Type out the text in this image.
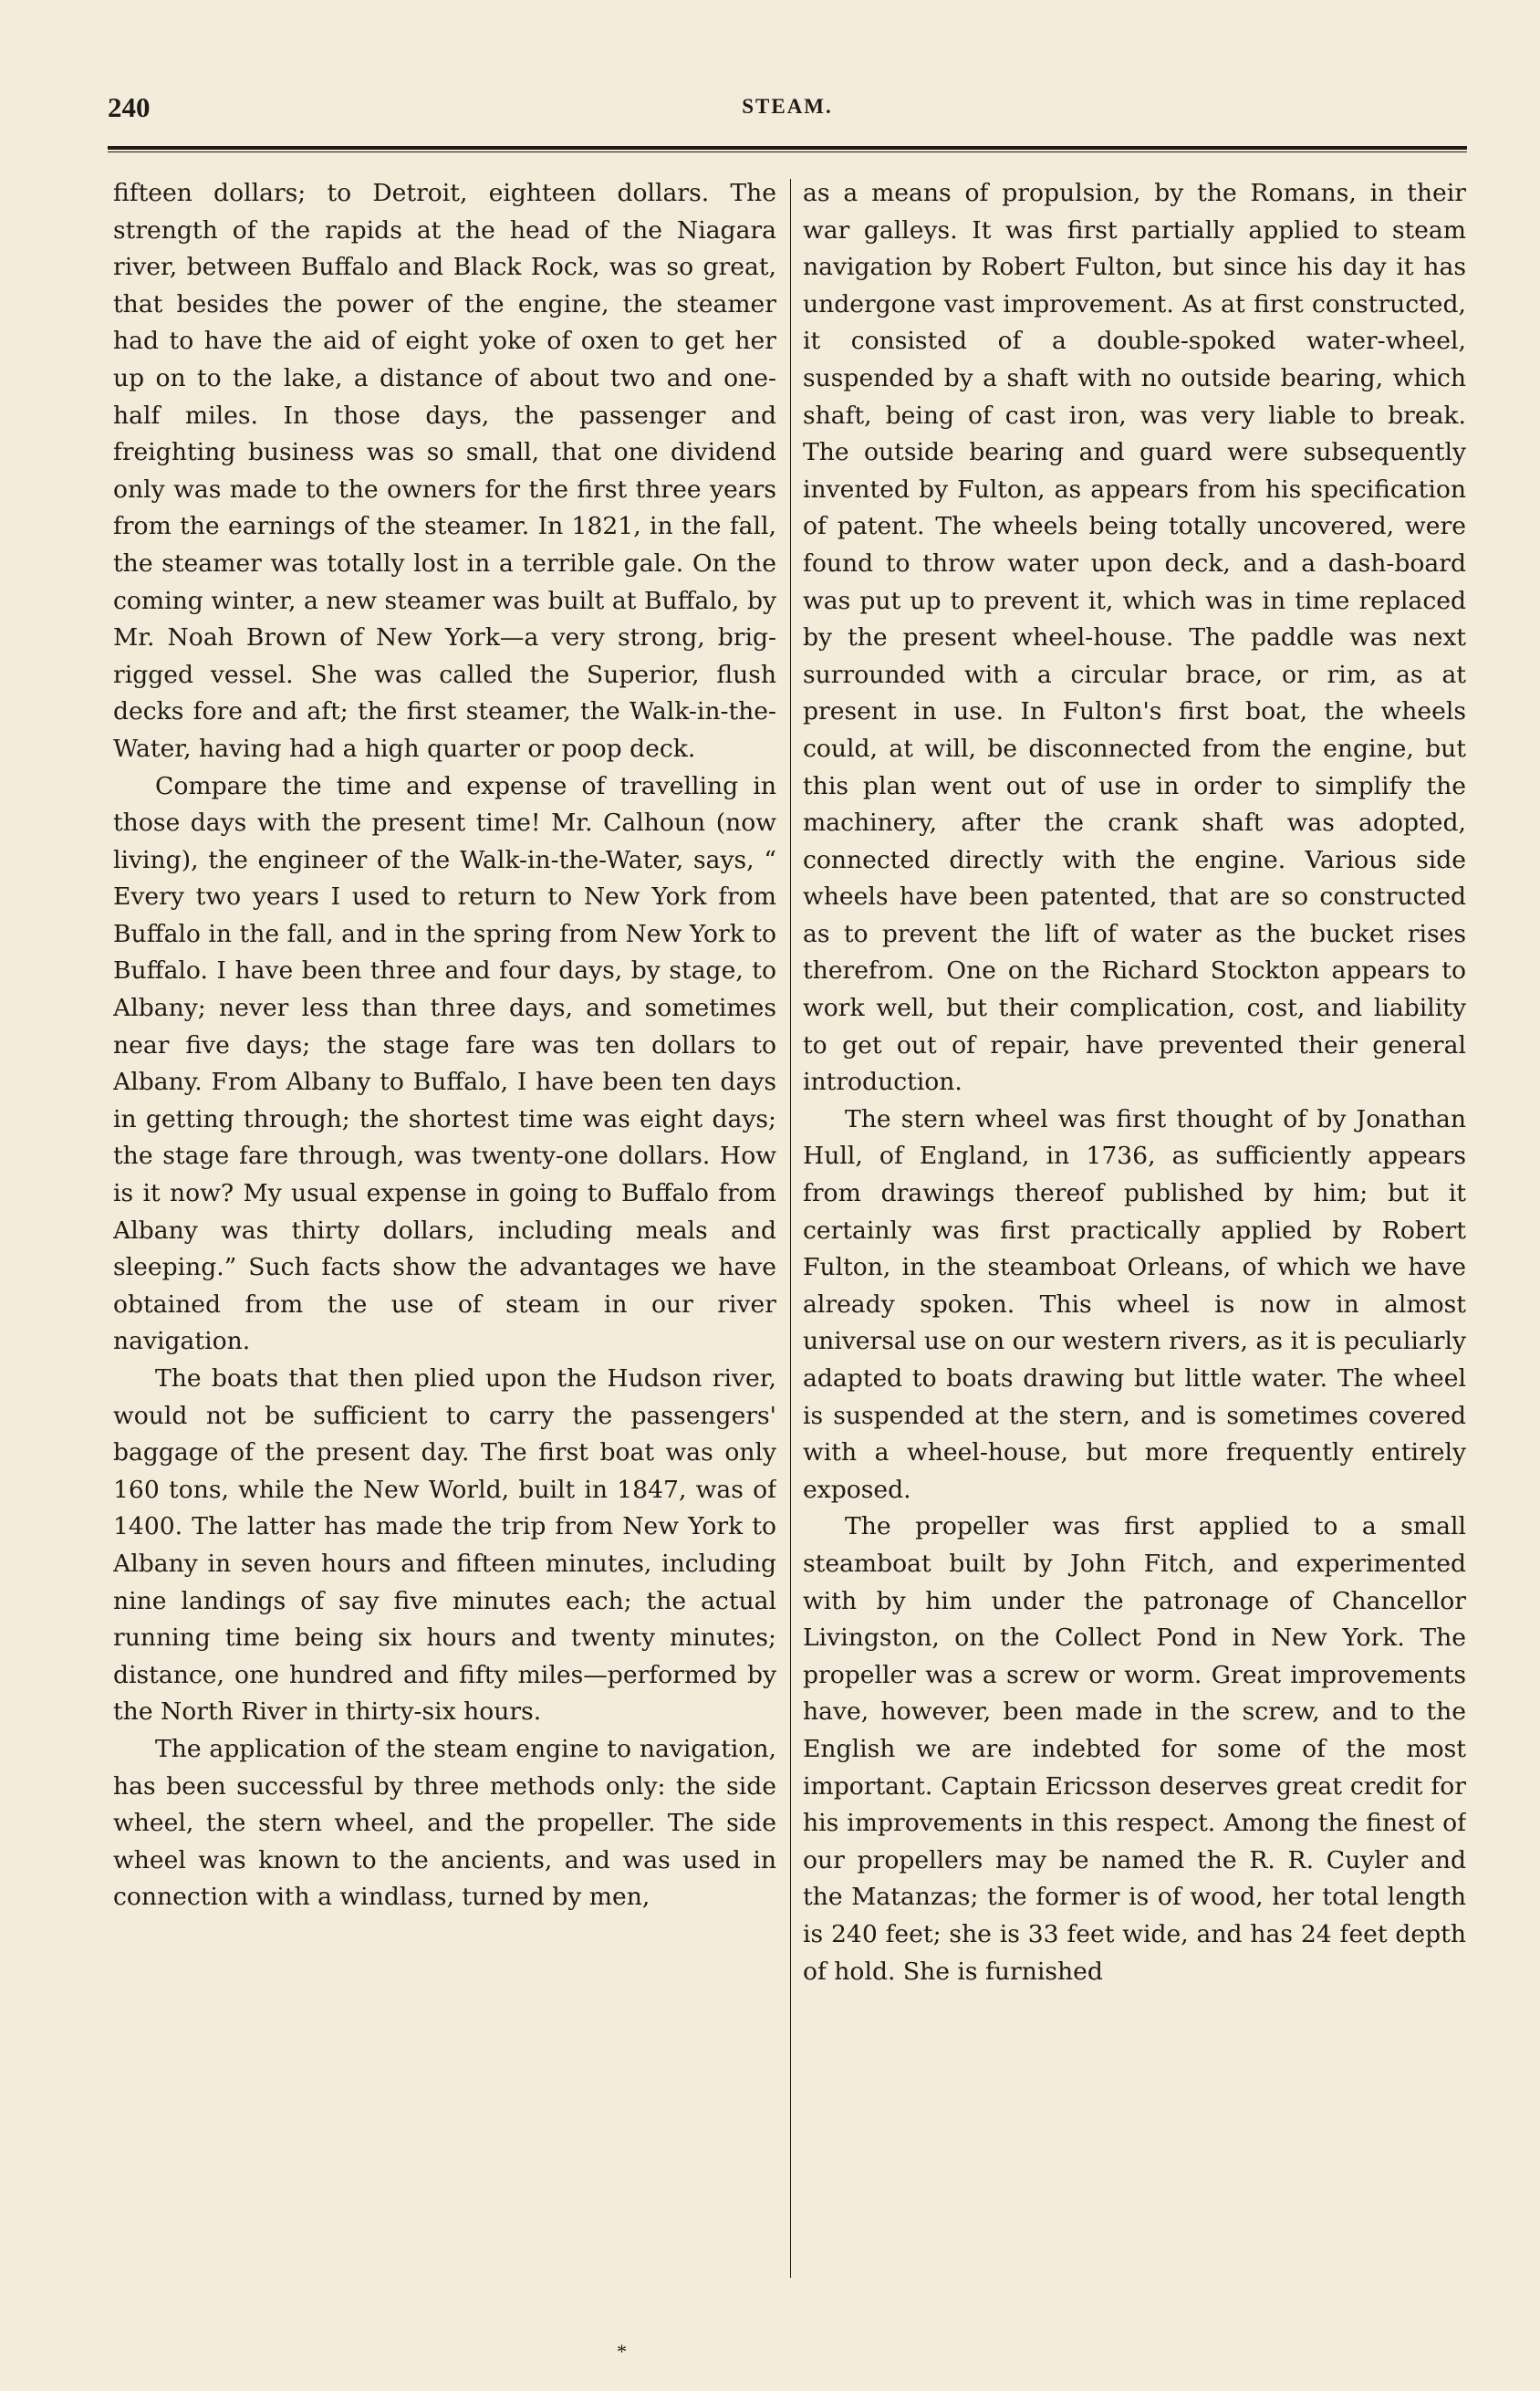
240	STEAM.

fifteen dollars; to Detroit, eighteen dollars. The strength of the rapids at the head of the Niagara river, between Buffalo and Black Rock, was so great, that besides the power of the engine, the steamer had to have the aid of eight yoke of oxen to get her up on to the lake, a distance of about two and one-half miles. In those days, the passenger and freighting business was so small, that one dividend only was made to the owners for the first three years from the earnings of the steamer. In 1821, in the fall, the steamer was totally lost in a terrible gale. On the coming winter, a new steamer was built at Buffalo, by Mr. Noah Brown of New York—a very strong, brig-rigged vessel. She was called the Superior, flush decks fore and aft; the first steamer, the Walk-in-the-Water, having had a high quarter or poop deck.

Compare the time and expense of travelling in those days with the present time! Mr. Calhoun (now living), the engineer of the Walk-in-the-Water, says, “ Every two years I used to return to New York from Buffalo in the fall, and in the spring from New York to Buffalo. I have been three and four days, by stage, to Albany; never less than three days, and sometimes near five days; the stage fare was ten dollars to Albany. From Albany to Buffalo, I have been ten days in getting through; the shortest time was eight days; the stage fare through, was twenty-one dollars. How is it now? My usual expense in going to Buffalo from Albany was thirty dollars, including meals and sleeping.” Such facts show the advantages we have obtained from the use of steam in our river navigation.

The boats that then plied upon the Hudson river, would not be sufficient to carry the passengers' baggage of the present day. The first boat was only 160 tons, while the New World, built in 1847, was of 1400. The latter has made the trip from New York to Albany in seven hours and fifteen minutes, including nine landings of say five minutes each; the actual running time being six hours and twenty minutes; distance, one hundred and fifty miles—performed by the North River in thirty-six hours.

The application of the steam engine to navigation, has been successful by three methods only: the side wheel, the stern wheel, and the propeller. The side wheel was known to the ancients, and was used in connection with a windlass, turned by men,

as a means of propulsion, by the Romans, in their war galleys. It was first partially applied to steam navigation by Robert Fulton, but since his day it has undergone vast improvement. As at first constructed, it consisted of a double-spoked water-wheel, suspended by a shaft with no outside bearing, which shaft, being of cast iron, was very liable to break. The outside bearing and guard were subsequently invented by Fulton, as appears from his specification of patent. The wheels being totally uncovered, were found to throw water upon deck, and a dash-board was put up to prevent it, which was in time replaced by the present wheel-house. The paddle was next surrounded with a circular brace, or rim, as at present in use. In Fulton's first boat, the wheels could, at will, be disconnected from the engine, but this plan went out of use in order to simplify the machinery, after the crank shaft was adopted, connected directly with the engine. Various side wheels have been patented, that are so constructed as to prevent the lift of water as the bucket rises therefrom. One on the Richard Stockton appears to work well, but their complication, cost, and liability to get out of repair, have prevented their general introduction.

The stern wheel was first thought of by Jonathan Hull, of England, in 1736, as sufficiently appears from drawings thereof published by him; but it certainly was first practically applied by Robert Fulton, in the steamboat Orleans, of which we have already spoken. This wheel is now in almost universal use on our western rivers, as it is peculiarly adapted to boats drawing but little water. The wheel is suspended at the stern, and is sometimes covered with a wheel-house, but more frequently entirely exposed.

The propeller was first applied to a small steamboat built by John Fitch, and experimented with by him under the patronage of Chancellor Livingston, on the Collect Pond in New York. The propeller was a screw or worm. Great improvements have, however, been made in the screw, and to the English we are indebted for some of the most important. Captain Ericsson deserves great credit for his improvements in this respect. Among the finest of our propellers may be named the R. R. Cuyler and the Matanzas; the former is of wood, her total length is 240 feet; she is 33 feet wide, and has 24 feet depth of hold. She is furnished

*
